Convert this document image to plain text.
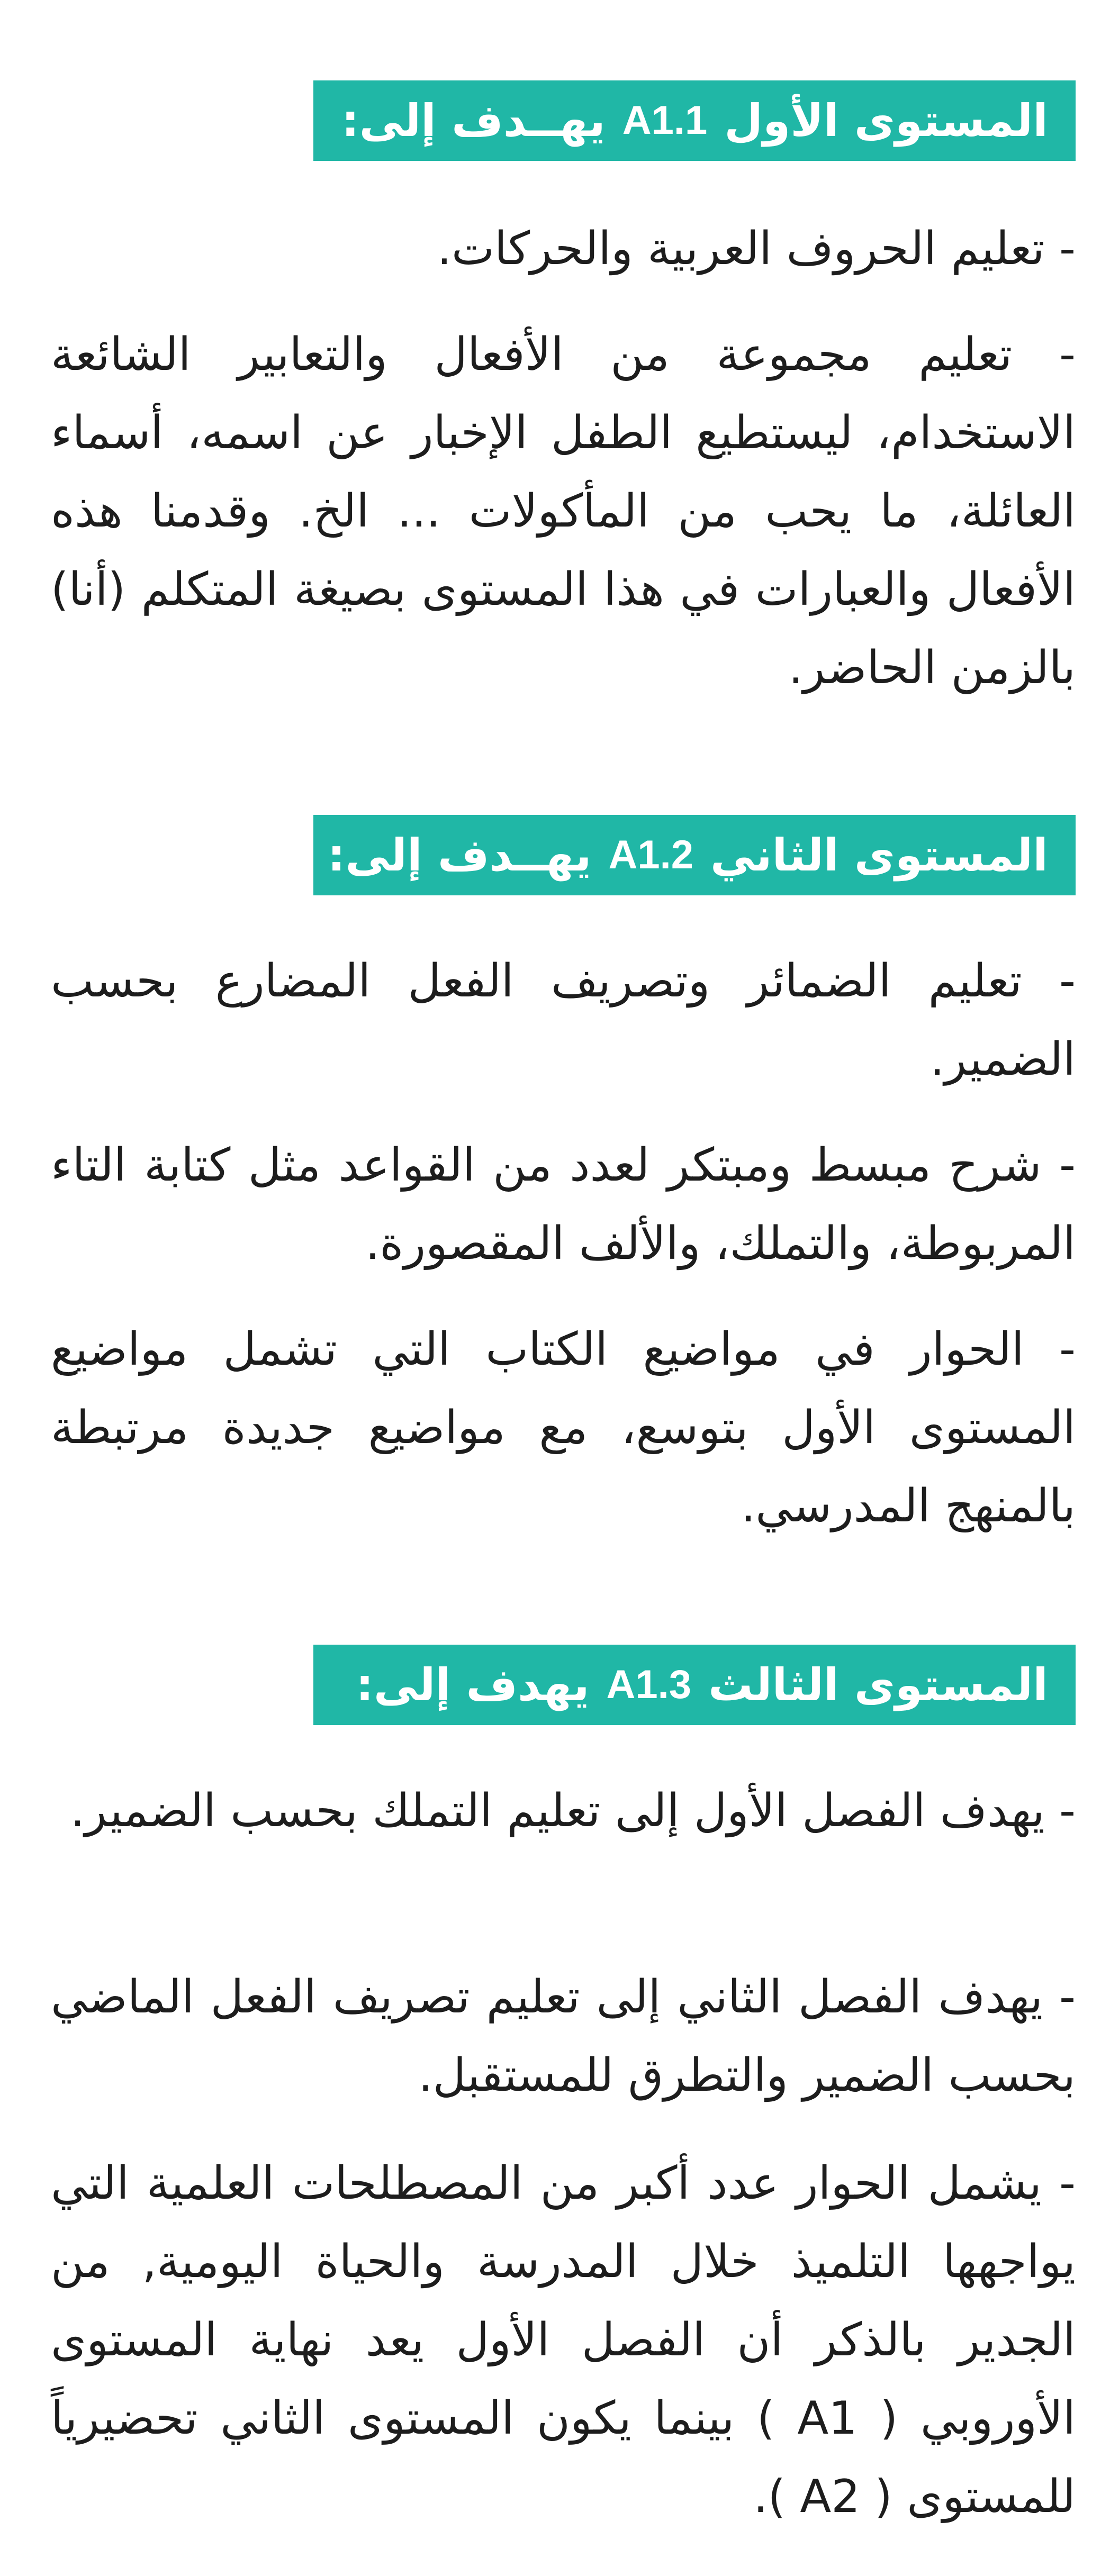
المستوى الأول
A1.1
يهــدف إلى:

- تعليم الحروف العربية والحركات.

- تعليم مجموعة من الأفعال والتعابير الشائعة الاستخدام، ليستطيع الطفل الإخبار عن اسمه، أسماء العائلة، ما يحب من المأكولات ... الخ. وقدمنا هذه الأفعال والعبارات في هذا المستوى بصيغة المتكلم (أنا) بالزمن الحاضر.

المستوى الثاني
A1.2
يهــدف إلى:

- تعليم الضمائر وتصريف الفعل المضارع بحسب الضمير.

- شرح مبسط ومبتكر لعدد من القواعد مثل كتابة التاء المربوطة، والتملك، والألف المقصورة.

- الحوار في مواضيع الكتاب التي تشمل مواضيع المستوى الأول بتوسع، مع مواضيع جديدة مرتبطة بالمنهج المدرسي.

المستوى الثالث
A1.3
يهدف إلى:

- يهدف الفصل الأول إلى تعليم التملك بحسب الضمير.

- يهدف الفصل الثاني إلى تعليم تصريف الفعل الماضي بحسب الضمير والتطرق للمستقبل.

- يشمل الحوار عدد أكبر من المصطلحات العلمية التي يواجهها التلميذ خلال المدرسة والحياة اليومية, من الجدير بالذكر أن الفصل الأول يعد نهاية المستوى الأوروبي ( A1 ) بينما يكون المستوى الثاني تحضيرياً للمستوى ( A2 ).
